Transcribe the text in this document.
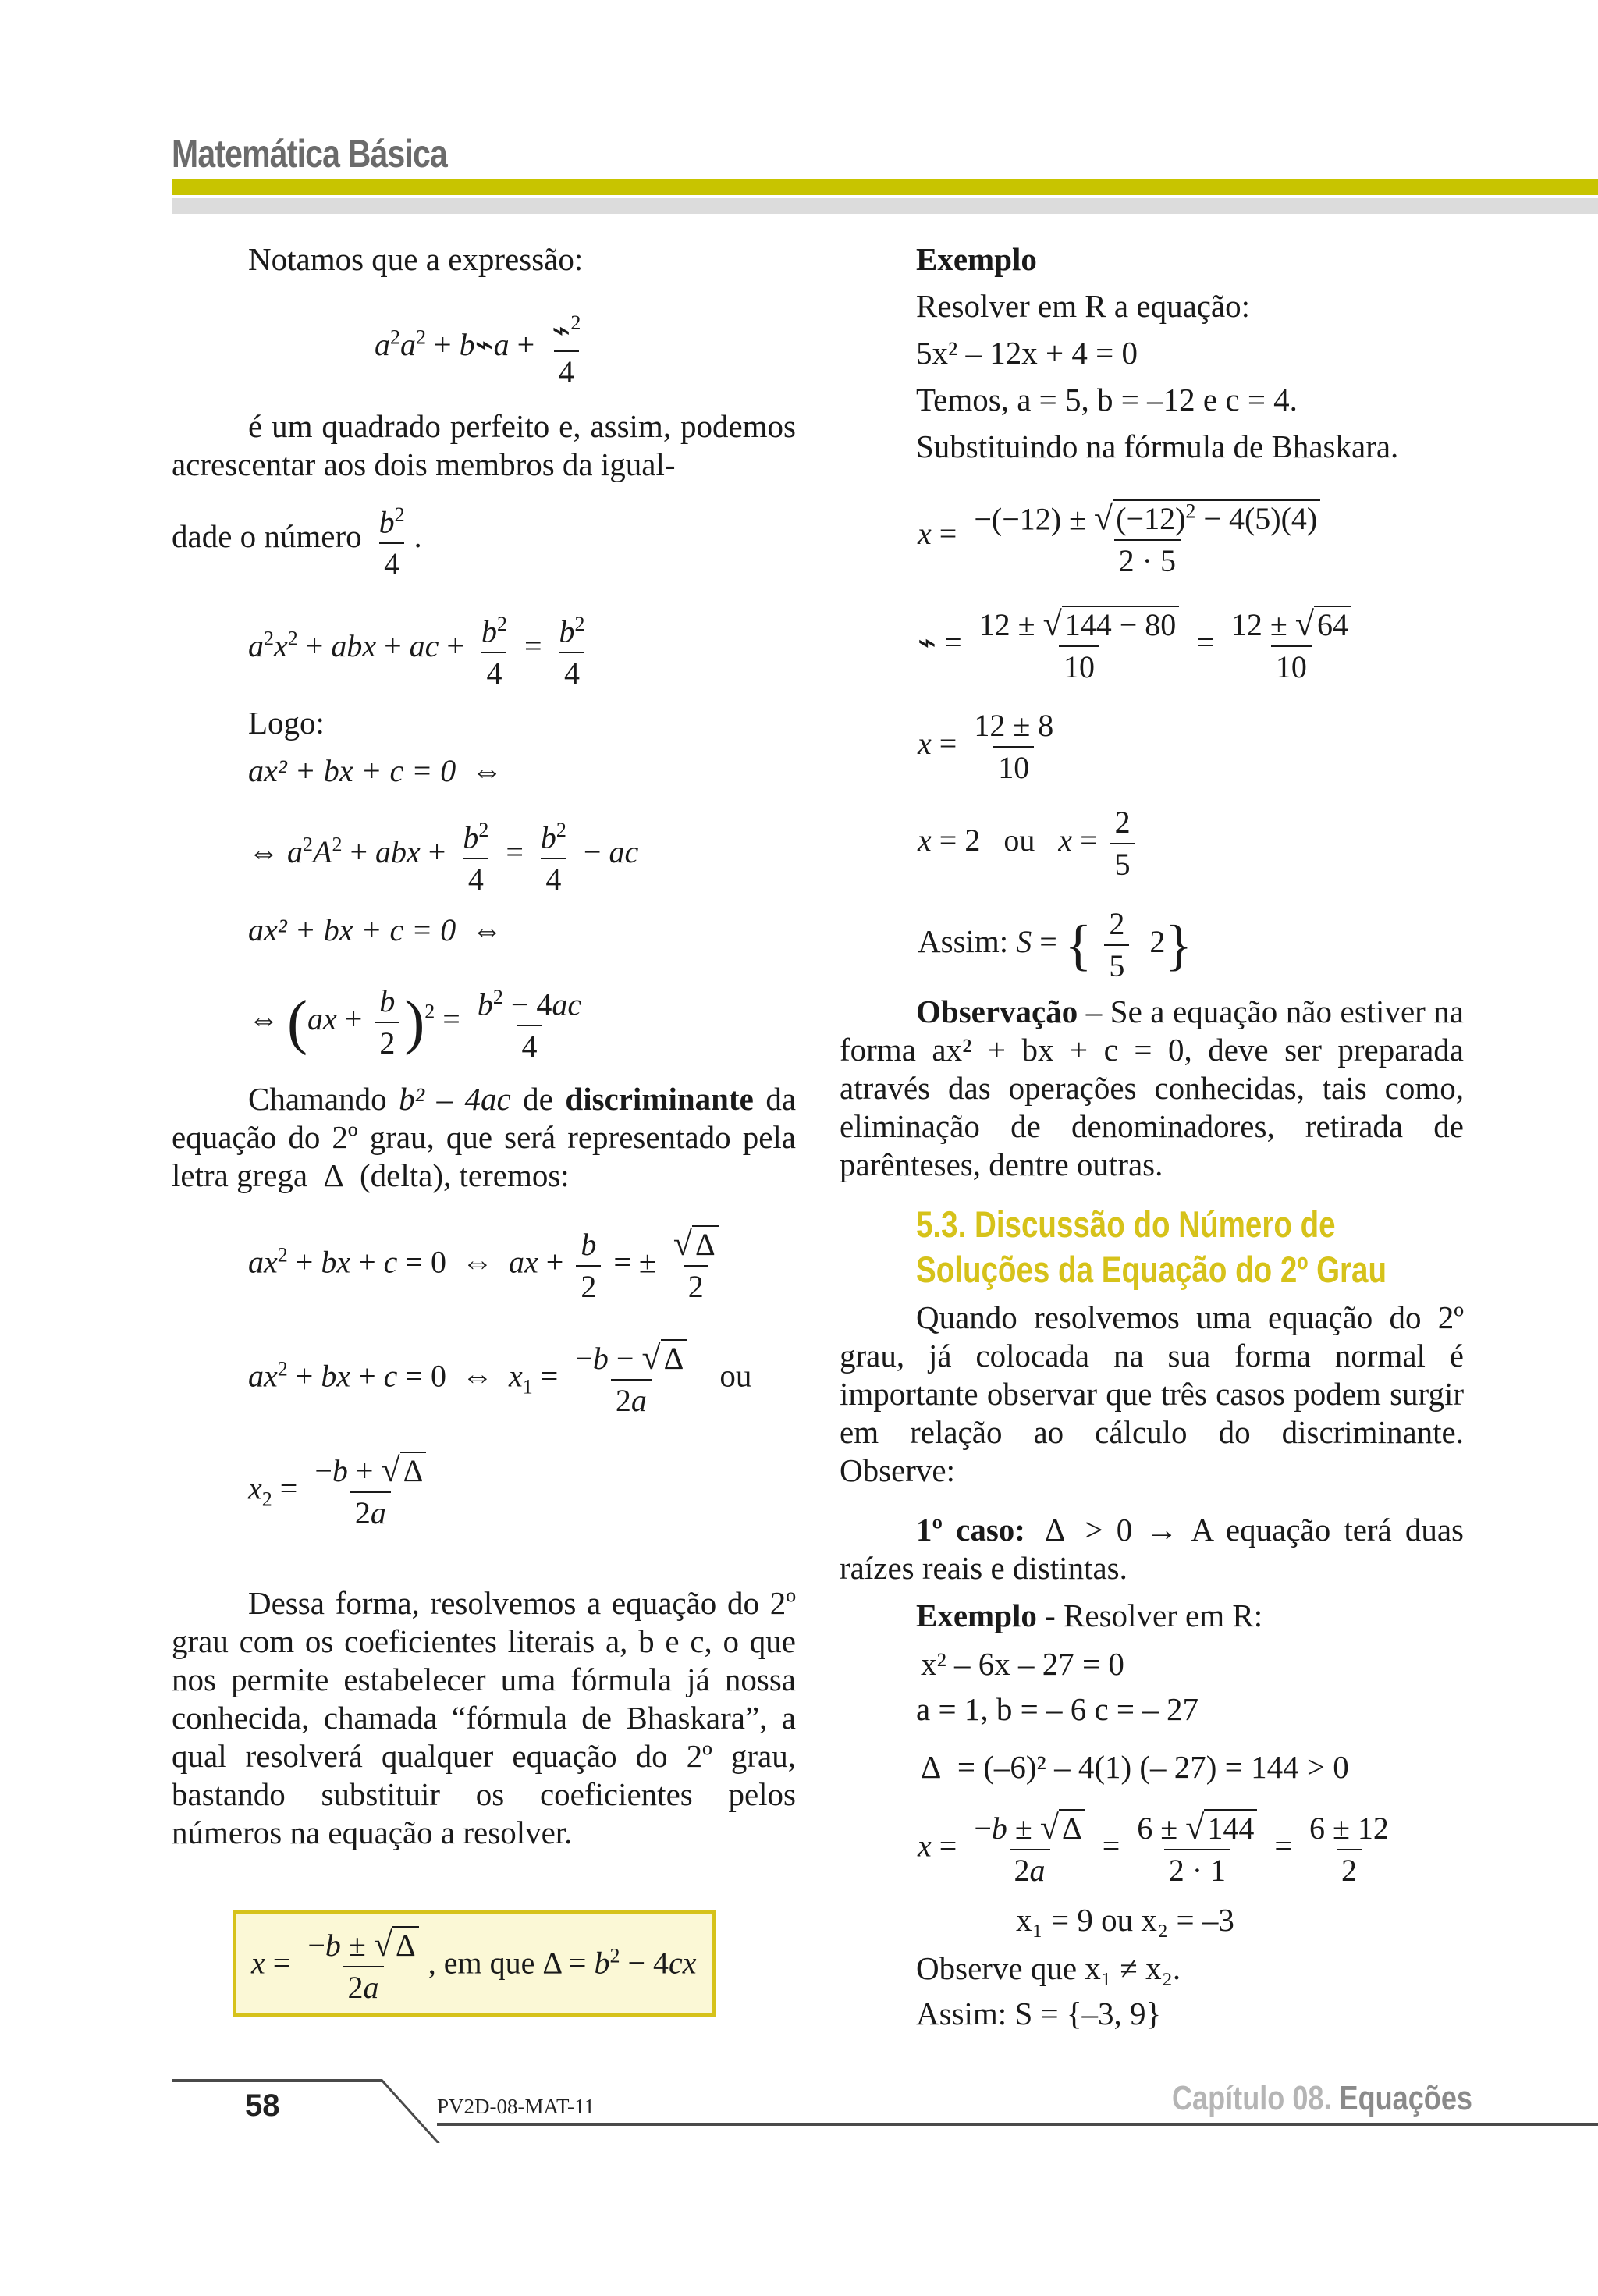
Matemática Básica
Notamos que a expressão:
$a^2a^2$ + b⌁a + $\frac{⌁^2}{4}$
é um quadrado perfeito e, assim, podemos acrescentar aos dois membros da igual-
dade o número $\frac{b^2}{4}$ .
$a^2x^2$ + abx + ac + $\frac{b^2}{4} = \frac{b^2}{4}$
Logo:
ax² + bx + c = 0  ⇔
⇔ $a^2A^2$ + abx + $\frac{b^2}{4} = \frac{b^2}{4}$ − ac
ax² + bx + c = 0  ⇔
⇔ $(ax + \frac{b}{2} )^2 = \frac{b^2 - 4ac}{4}$
Chamando b² – 4ac de discriminante da equação do 2º grau, que será representado pela letra grega Δ (delta), teremos:
$ax^2$ + bx + c = 0  ⇔  ax + $\frac{b}{2}$ = ± $\frac{√ \Delta}{2}$
$ax^2$ + bx + c = 0  ⇔  $x_1 = \frac{-b - √ \Delta}{2a}$ ou
$x_2 = \frac{-b + √ \Delta}{2a}$
Dessa forma, resolvemos a equação do 2º grau com os coeficientes literais a, b e c, o que nos permite estabelecer uma fórmula já nossa conhecida, chamada “fórmula de Bhaskara”, a qual resolverá qualquer equação do 2º grau, bastando substituir os coeficientes pelos números na equação a resolver.
$x = \frac{-b \pm √ \Delta}{2a}$ , em que $\Delta = b^2 - 4cx$
Exemplo
Resolver em R a equação:
5x² – 12x + 4 = 0
Temos, a = 5, b = –12 e c = 4.
Substituindo na fórmula de Bhaskara.
$x = \frac{-(-12) \pm √ (-12)^2 - 4(5)(4)}{2 \cdot 5}$
⌁ = $\frac{12 \pm √ 144 - 80}{10} = \frac{12 \pm √ 64}{10}$
$x = \frac{12 \pm 8}{10}$
x = 2   ou $x = \frac{2}{5}$
Assim: S = { $\frac{2}{5} 2$}
Observação – Se a equação não estiver na forma ax² + bx + c = 0, deve ser preparada através das operações conhecidas, tais como, eliminação de denominadores, retirada de parênteses, dentre outras.
5.3. Discussão do Número de
Soluções da Equação do 2º Grau
Quando resolvemos uma equação do 2º grau, já colocada na sua forma normal é importante observar que três casos podem surgir em relação ao cálculo do discriminante. Observe:
1º caso: Δ > 0 → A equação terá duas raízes reais e distintas.
Exemplo - Resolver em R:
x² – 6x – 27 = 0
a = 1, b = – 6 c = – 27
Δ  = (–6)² – 4(1) (– 27) = 144 > 0
$x = \frac{-b \pm √ \Delta}{2a} = \frac{6 \pm √ 144}{2 \cdot 1} = \frac{6 \pm 12}{2}$
x₁ = 9 ou x₂ = –3
Observe que x₁ ≠ x₂.
Assim: S = {–3, 9}
58	PV2D-08-MAT-11	Capítulo 08. Equações
